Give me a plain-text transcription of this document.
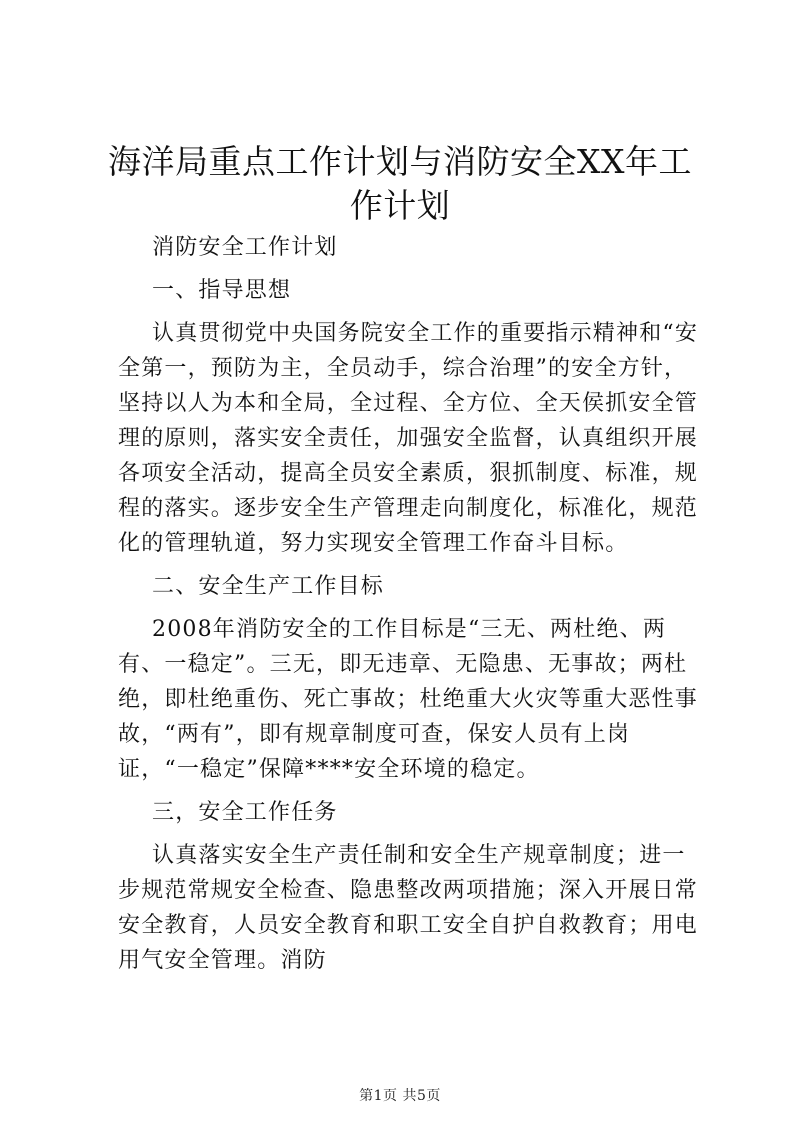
海洋局重点工作计划与消防安全XX年工作计划

消防安全工作计划

一、指导思想

认真贯彻党中央国务院安全工作的重要指示精神和“安全第一，预防为主，全员动手，综合治理”的安全方针，坚持以人为本和全局，全过程、全方位、全天侯抓安全管理的原则，落实安全责任，加强安全监督，认真组织开展各项安全活动，提高全员安全素质，狠抓制度、标准，规程的落实。逐步安全生产管理走向制度化，标准化，规范化的管理轨道，努力实现安全管理工作奋斗目标。

二、安全生产工作目标

2008年消防安全的工作目标是“三无、两杜绝、两有、一稳定”。三无，即无违章、无隐患、无事故；两杜绝，即杜绝重伤、死亡事故；杜绝重大火灾等重大恶性事故，“两有”，即有规章制度可查，保安人员有上岗证，“一稳定”保障****安全环境的稳定。

三，安全工作任务

认真落实安全生产责任制和安全生产规章制度；进一步规范常规安全检查、隐患整改两项措施；深入开展日常安全教育，人员安全教育和职工安全自护自救教育；用电用气安全管理。消防

第1页 共5页
